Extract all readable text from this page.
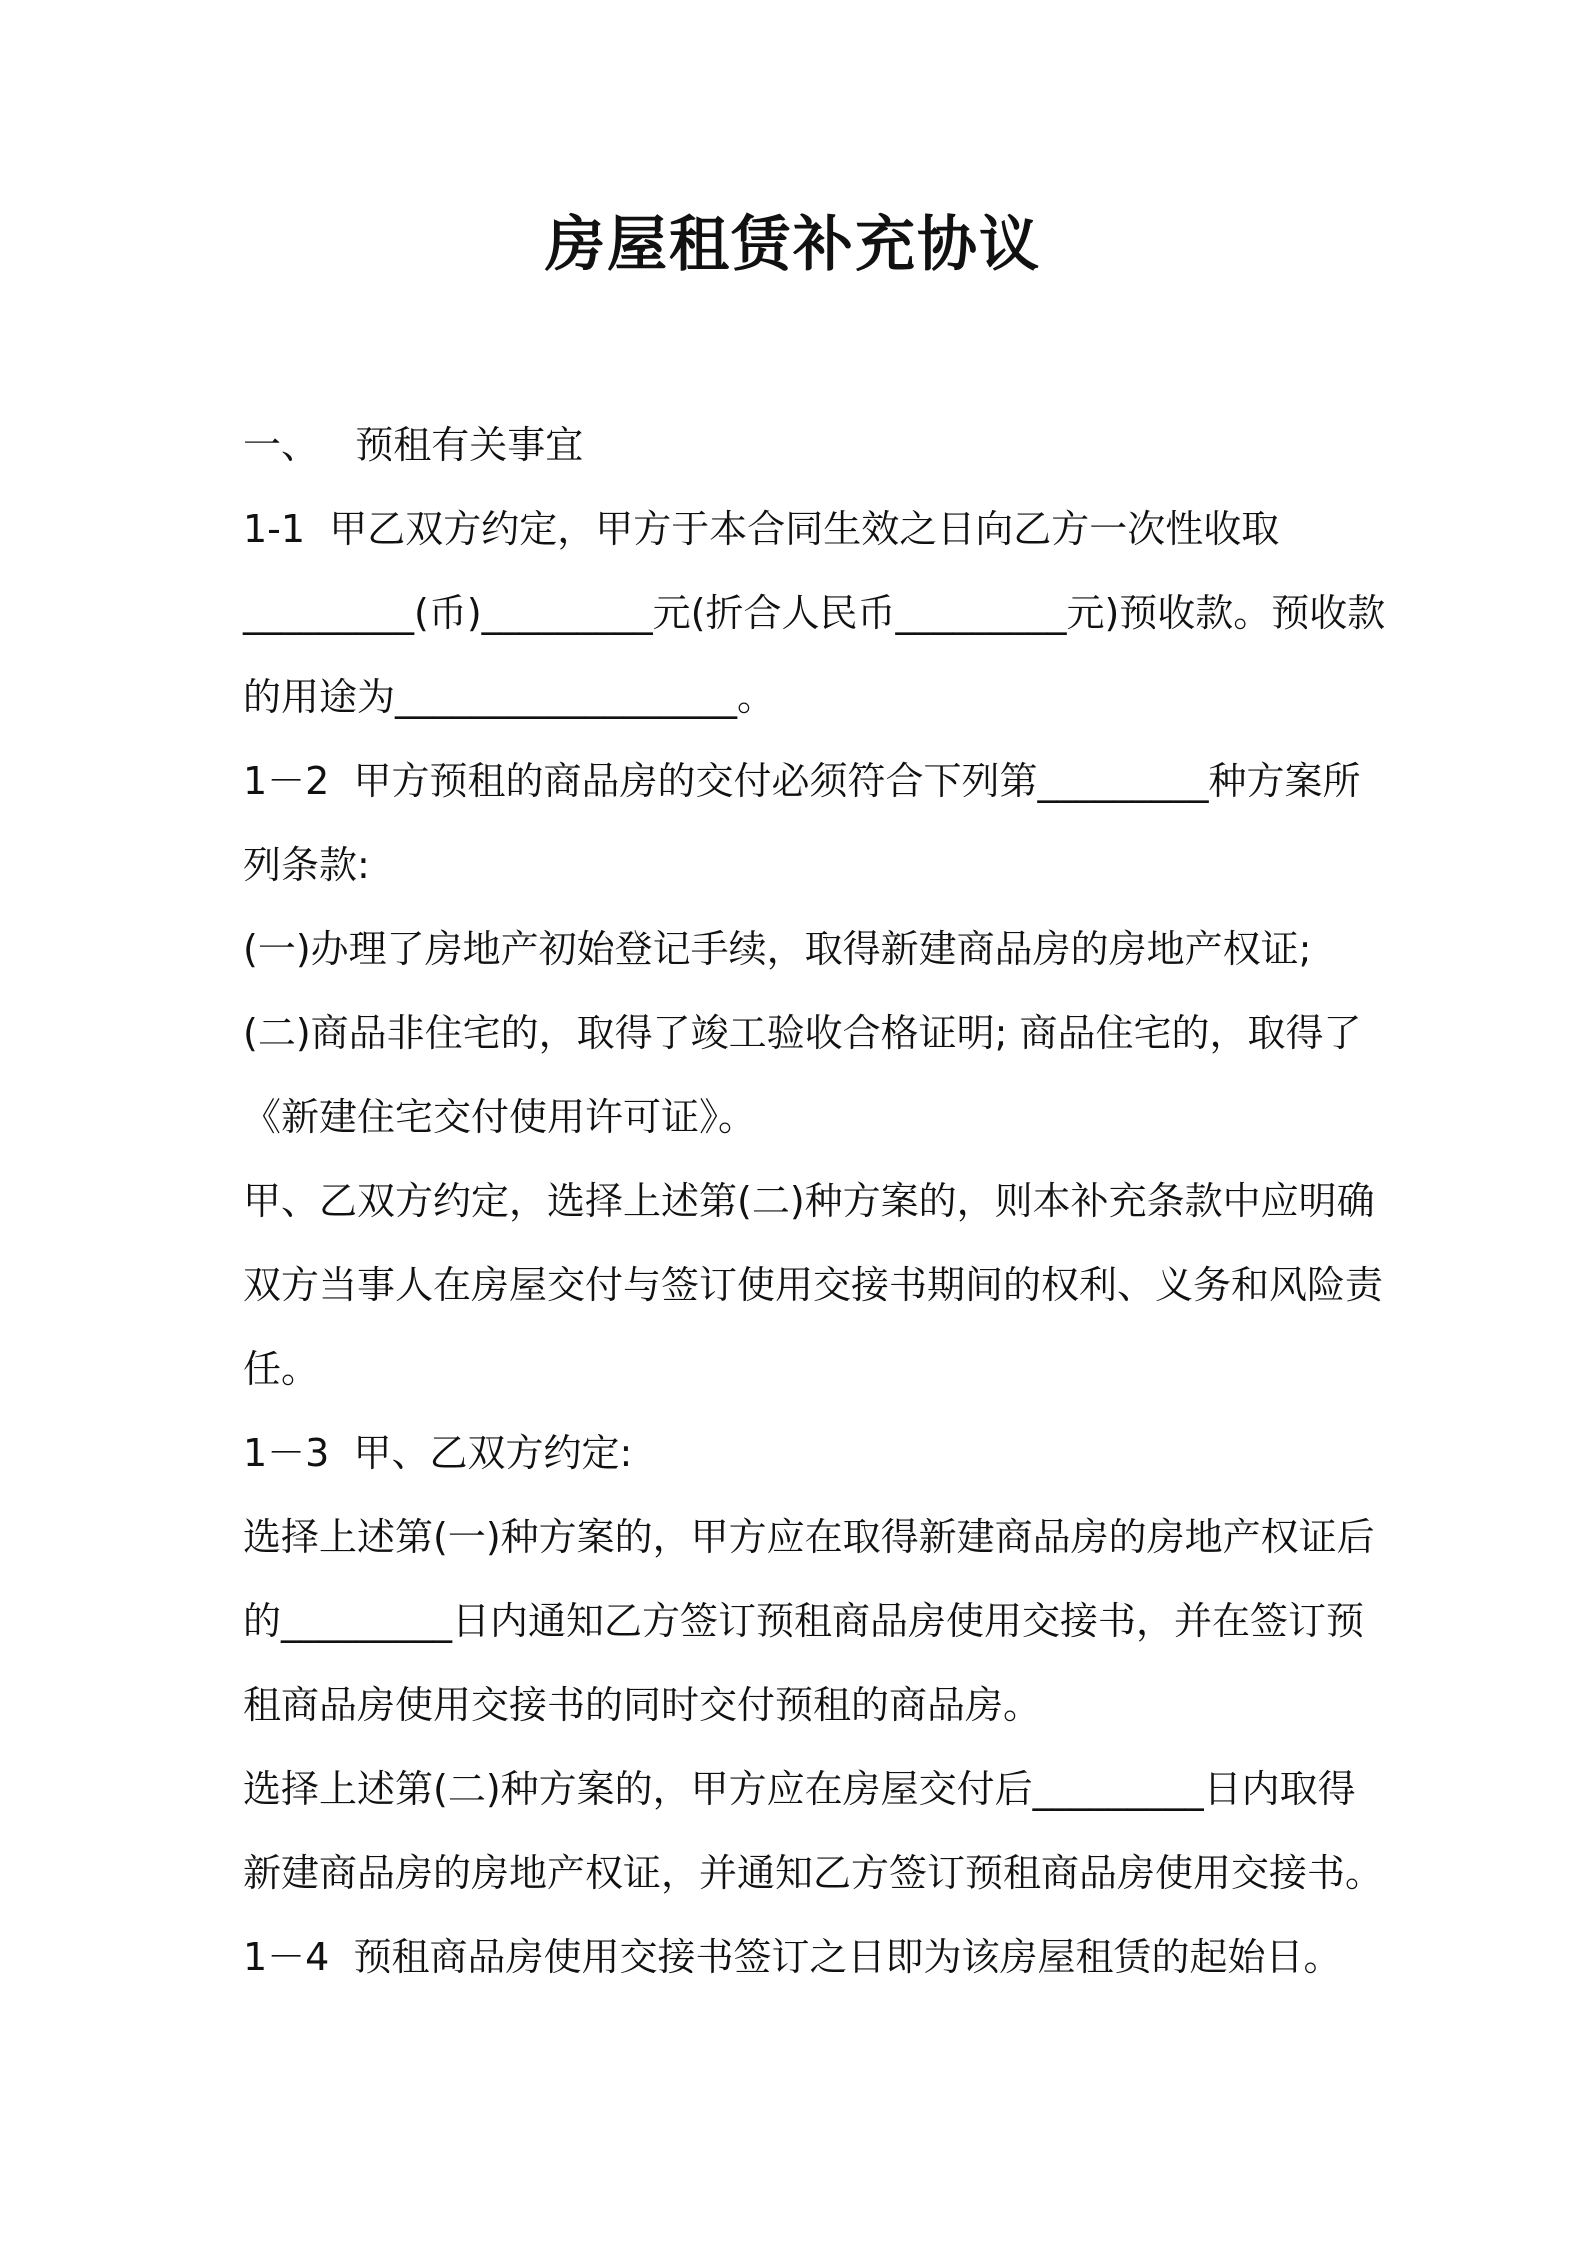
房屋租赁补充协议

一、   预租有关事宜

1-1  甲乙双方约定，甲方于本合同生效之日向乙方一次性收取

_________(币)_________元(折合人民币_________元)预收款。预收款

的用途为__________________。

1－2  甲方预租的商品房的交付必须符合下列第_________种方案所

列条款:

(一)办理了房地产初始登记手续，取得新建商品房的房地产权证;

(二)商品非住宅的，取得了竣工验收合格证明; 商品住宅的，取得了

《新建住宅交付使用许可证》。

甲、乙双方约定，选择上述第(二)种方案的，则本补充条款中应明确

双方当事人在房屋交付与签订使用交接书期间的权利、义务和风险责

任。

1－3  甲、乙双方约定:

选择上述第(一)种方案的，甲方应在取得新建商品房的房地产权证后

的_________日内通知乙方签订预租商品房使用交接书，并在签订预

租商品房使用交接书的同时交付预租的商品房。

选择上述第(二)种方案的，甲方应在房屋交付后_________日内取得

新建商品房的房地产权证，并通知乙方签订预租商品房使用交接书。

1－4  预租商品房使用交接书签订之日即为该房屋租赁的起始日。
